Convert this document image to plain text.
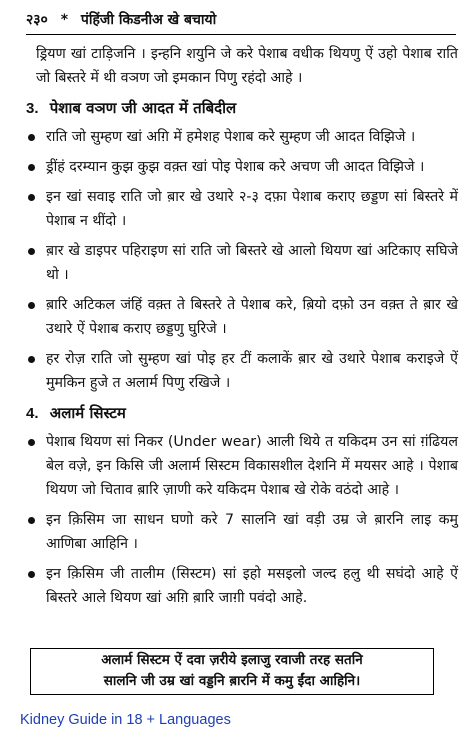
२३० * पंहिंजी किडनीअ खे बचायो

ड्रियण खां टाड़िजनि । इन्हनि शयुनि जे करे पेशाब वधीक थियणु ऐं उहो पेशाब राति जो बिस्तरे में थी वञण जो इमकान पिणु रहंदो आहे ।

3. पेशाब वञण जी आदत में तबिदील
राति जो सुम्हण खां अग़ि में हमेशह पेशाब करे सुम्हण जी आदत विझिजे ।
ड्रींहं दरम्यान कुझ कुझ वक़्त खां पोइ पेशाब करे अचण जी आदत विझिजे ।
इन खां सवाइ राति जो ब़ार खे उथारे २-३ दफ़ा पेशाब कराए छड्डण सां बिस्तरे में पेशाब न थींदो ।
ब़ार खे डाइपर पहिराइण सां राति जो बिस्तरे खे आलो थियण खां अटिकाए सघिजे थो ।
ब़ारि अटिकल जंहिं वक़्त ते बिस्तरे ते पेशाब करे, ब़ियो दफ़ो उन वक़्त ते ब़ार खे उथारे ऐं पेशाब कराए छड्डणु घुरिजे ।
हर रोज़ राति जो सुम्हण खां पोइ हर टीं कलाकें ब़ार खे उथारे पेशाब कराइजे ऐं मुमकिन हुजे त अलार्म पिणु रखिजे ।
4. अलार्म सिस्टम
पेशाब थियण सां निकर (Under wear) आली थिये त यकिदम उन सां ग़ंढियल बेल वज़े, इन किसि जी अलार्म सिस्टम विकासशील देशनि में मयसर आहे । पेशाब थियण जो चिताव ब़ारि ज़ाणी करे यकिदम पेशाब खे रोके वठंदो आहे ।
इन क़िसिम जा साधन घणो करे 7 सालनि खां वड़ी उम्र जे ब़ारनि लाइ कमु आणिबा आहिनि ।
इन क़िसिम जी तालीम (सिस्टम) सां इहो मसइलो जल्द हलु थी सघंदो आहे ऐं बिस्तरे आले थियण खां अग़ि ब़ारि जाग़ी पवंदो आहे.
अलार्म सिस्टम ऐं दवा ज़रीये इलाजु रवाजी तरह सतनि
सालनि जी उम्र खां वड्डनि ब़ारनि में कमु ईंदा आहिनि।
Kidney Guide in 18 + Languages
